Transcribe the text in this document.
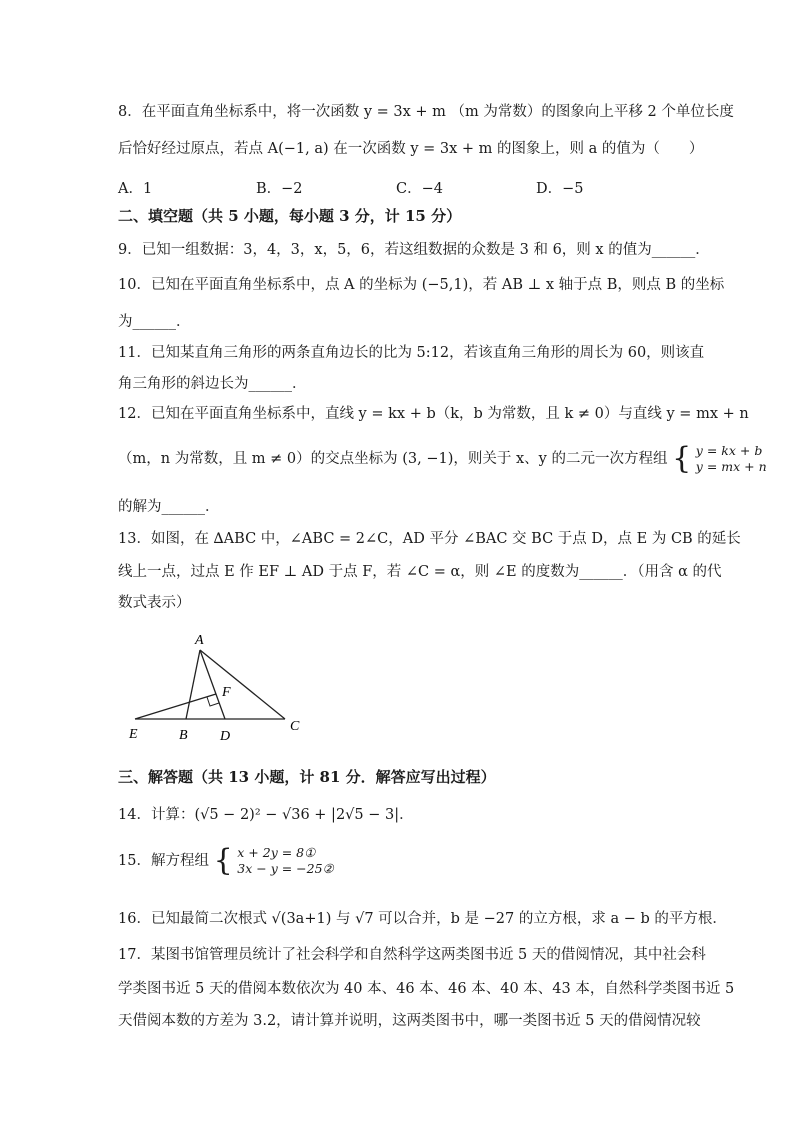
8．在平面直角坐标系中，将一次函数 y = 3x + m （m 为常数）的图象向上平移 2 个单位长度
后恰好经过原点，若点 A(−1, a) 在一次函数 y = 3x + m 的图象上，则 a 的值为（　　）
A．1	B．−2	C．−4	D．−5
二、填空题（共 5 小题，每小题 3 分，计 15 分）
9．已知一组数据：3，4，3，x，5，6，若这组数据的众数是 3 和 6，则 x 的值为______．
10．已知在平面直角坐标系中，点 A 的坐标为 (−5,1)，若 AB ⊥ x 轴于点 B，则点 B 的坐标
为______．
11．已知某直角三角形的两条直角边长的比为 5:12，若该直角三角形的周长为 60，则该直
角三角形的斜边长为______．
12．已知在平面直角坐标系中，直线 y = kx + b（k，b 为常数，且 k ≠ 0）与直线 y = mx + n
（m，n 为常数，且 m ≠ 0）的交点坐标为 (3, −1)，则关于 x、y 的二元一次方程组 { y = kx + b
y = mx + n
的解为______．
13．如图，在 ∆ABC 中，∠ABC = 2∠C，AD 平分 ∠BAC 交 BC 于点 D，点 E 为 CB 的延长
线上一点，过点 E 作 EF ⊥ AD 于点 F，若 ∠C = α，则 ∠E 的度数为______．（用含 α 的代
数式表示）
A
B
C
D
E
F
三、解答题（共 13 小题，计 81 分．解答应写出过程）
14．计算：(√5 − 2)² − √36 + |2√5 − 3|．
15．解方程组 { x + 2y = 8①
3x − y = −25②
16．已知最简二次根式 √(3a+1) 与 √7 可以合并，b 是 −27 的立方根，求 a − b 的平方根．
17．某图书馆管理员统计了社会科学和自然科学这两类图书近 5 天的借阅情况，其中社会科
学类图书近 5 天的借阅本数依次为 40 本、46 本、46 本、40 本、43 本，自然科学类图书近 5
天借阅本数的方差为 3.2，请计算并说明，这两类图书中，哪一类图书近 5 天的借阅情况较
